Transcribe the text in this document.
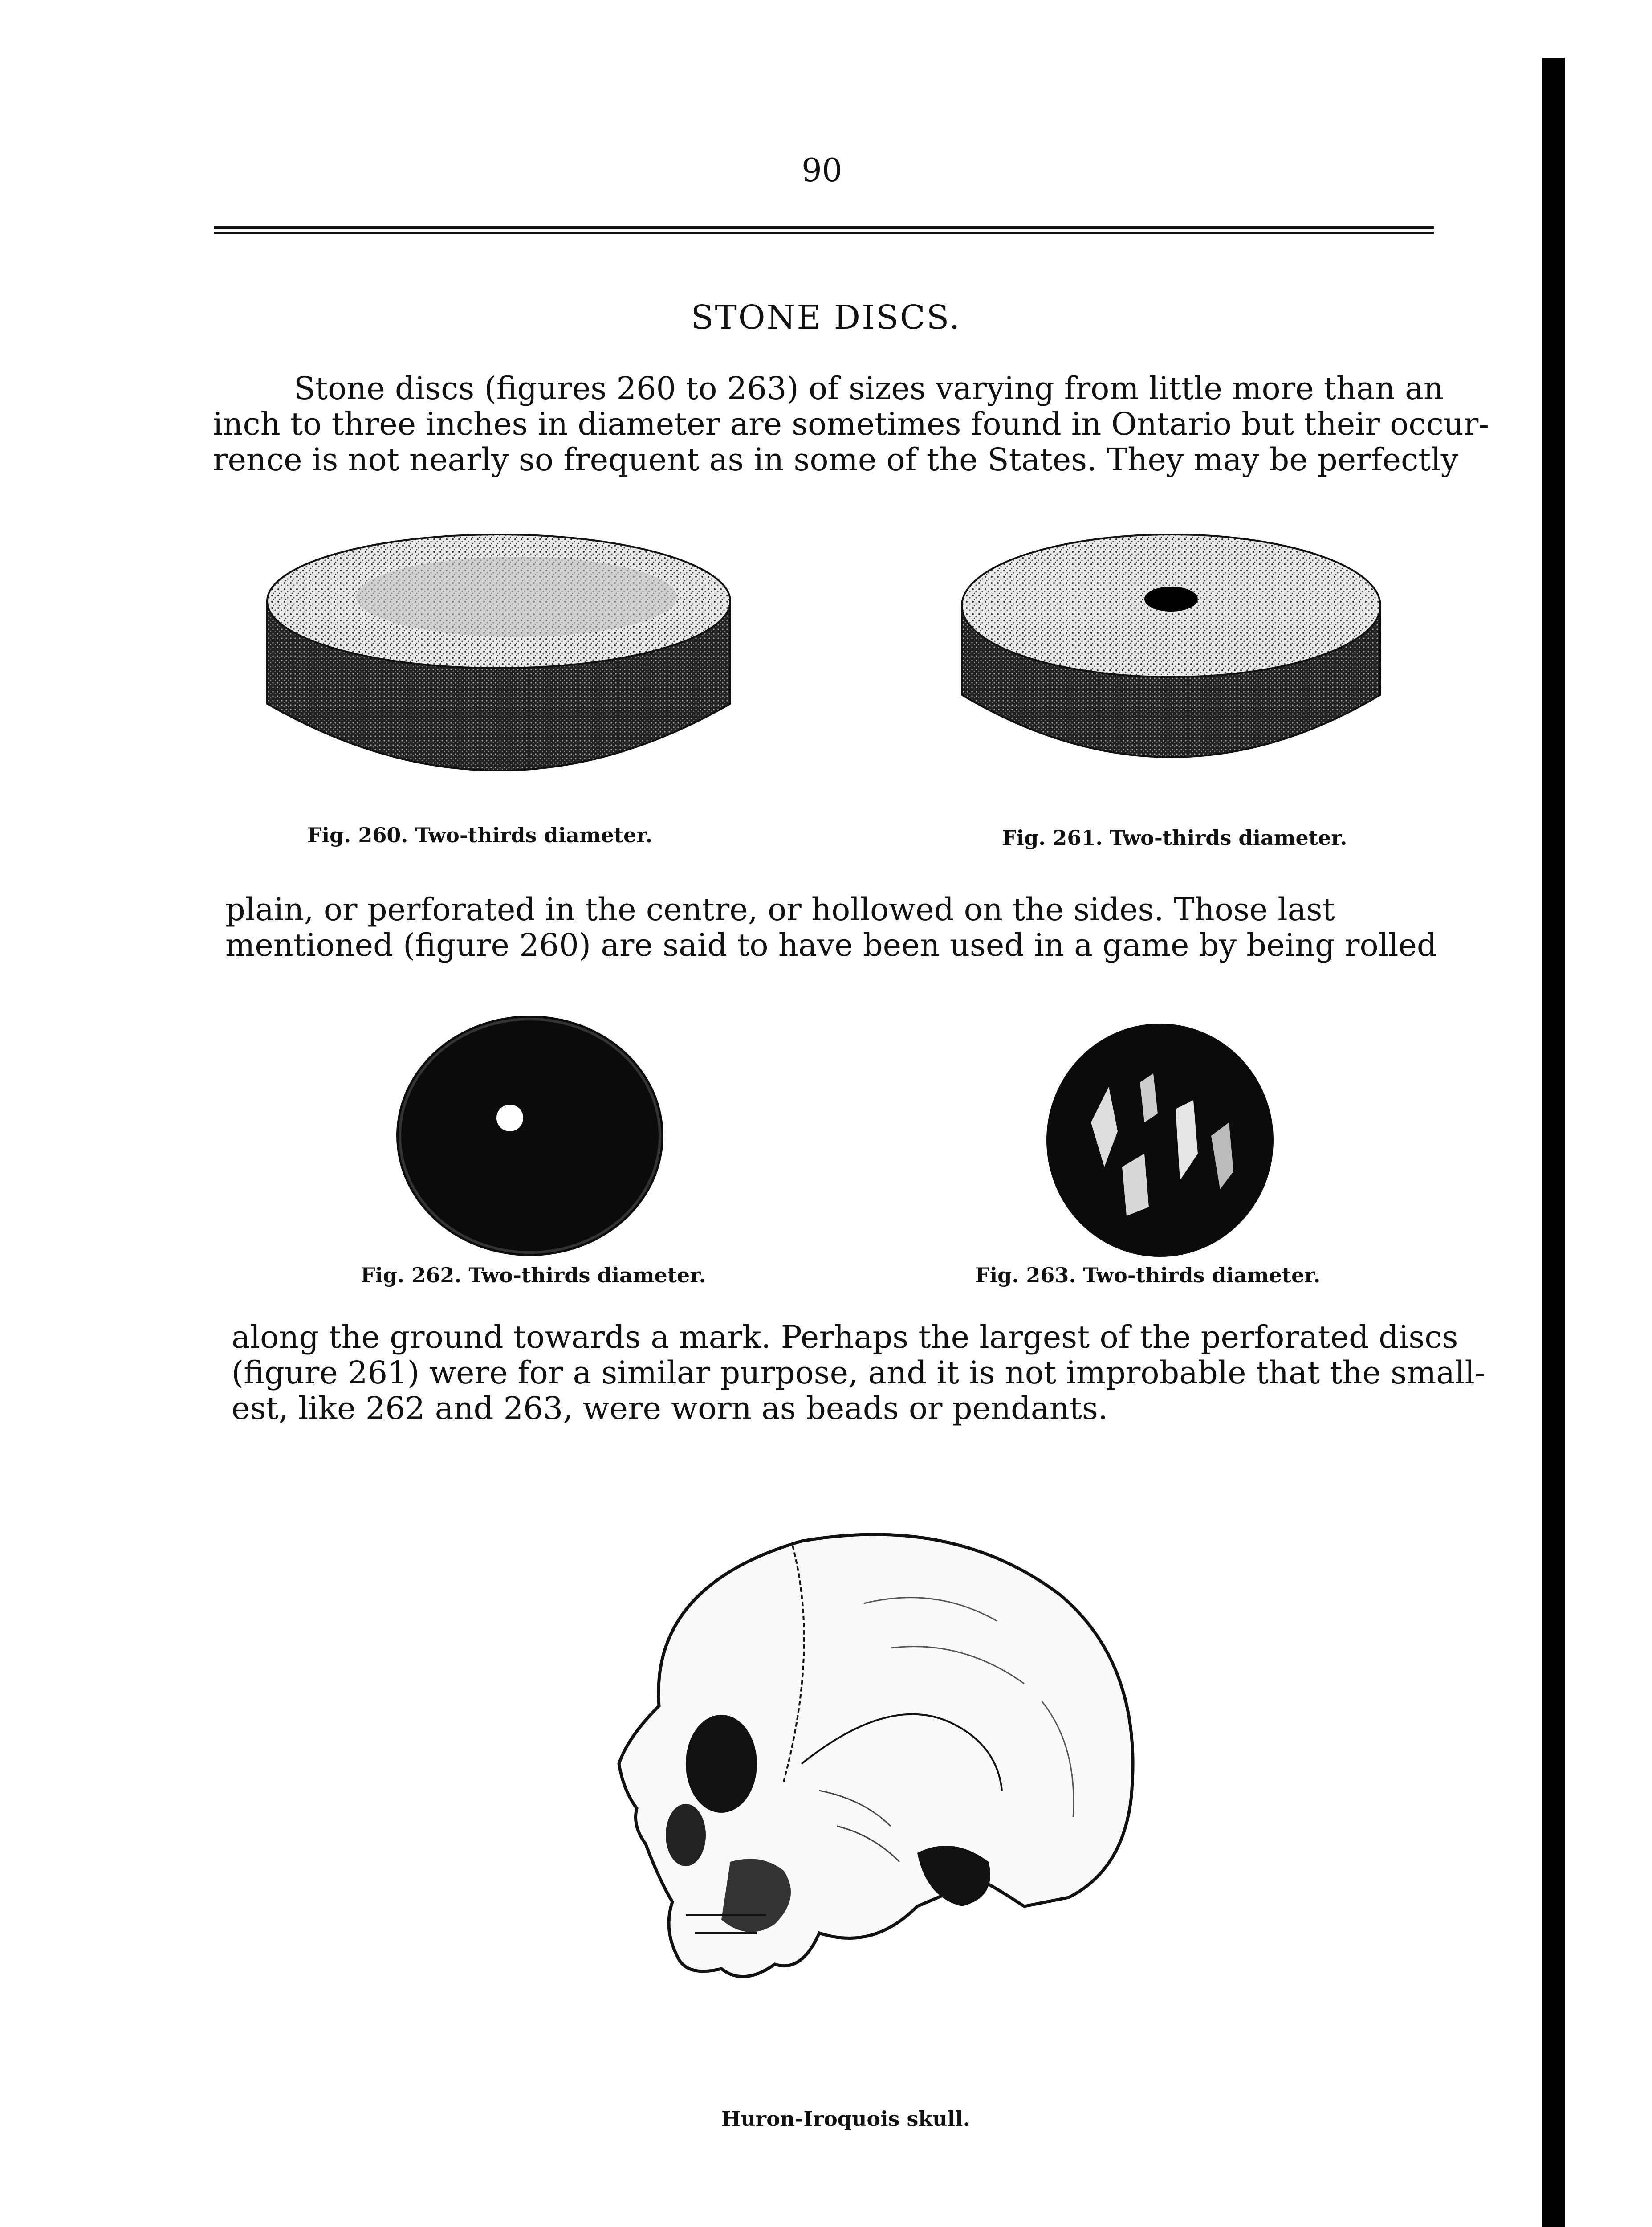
90
STONE DISCS.
Stone discs (figures 260 to 263) of sizes varying from little more than an
inch to three inches in diameter are sometimes found in Ontario but their occur-
rence is not nearly so frequent as in some of the States. They may be perfectly
Fig. 260. Two-thirds diameter.	Fig. 261. Two-thirds diameter.
plain, or perforated in the centre, or hollowed on the sides. Those last
mentioned (figure 260) are said to have been used in a game by being rolled
Fig. 262. Two-thirds diameter.	Fig. 263. Two-thirds diameter.
along the ground towards a mark. Perhaps the largest of the perforated discs
(figure 261) were for a similar purpose, and it is not improbable that the small-
est, like 262 and 263, were worn as beads or pendants.
Huron-Iroquois skull.
